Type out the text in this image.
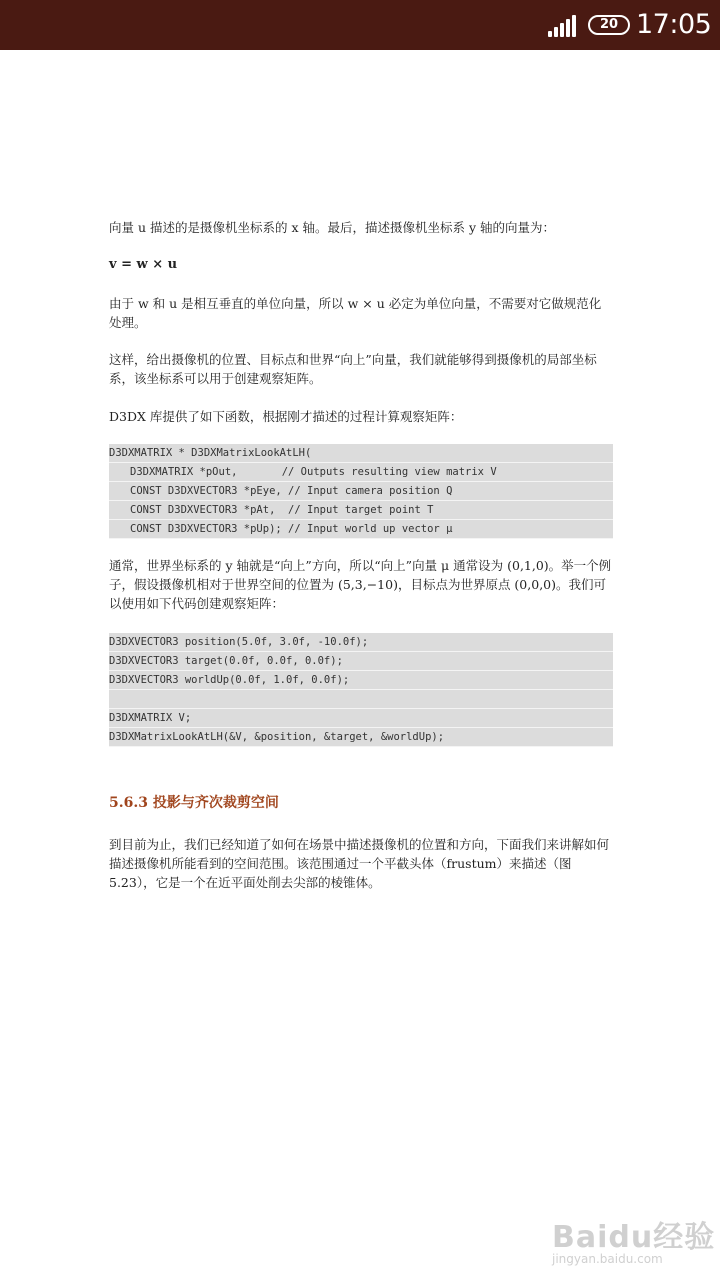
20 17:05
向量 u 描述的是摄像机坐标系的 x 轴。最后，描述摄像机坐标系 y 轴的向量为：
v = w × u
由于 w 和 u 是相互垂直的单位向量，所以 w × u 必定为单位向量，不需要对它做规范化处理。
这样，给出摄像机的位置、目标点和世界“向上”向量，我们就能够得到摄像机的局部坐标系，该坐标系可以用于创建观察矩阵。
D3DX 库提供了如下函数，根据刚才描述的过程计算观察矩阵：
D3DXMATRIX * D3DXMatrixLookAtLH(
D3DXMATRIX *pOut,       // Outputs resulting view matrix V
CONST D3DXVECTOR3 *pEye, // Input camera position Q
CONST D3DXVECTOR3 *pAt,  // Input target point T
CONST D3DXVECTOR3 *pUp); // Input world up vector μ
通常，世界坐标系的 y 轴就是“向上”方向，所以“向上”向量 μ 通常设为 (0,1,0)。举一个例子，假设摄像机相对于世界空间的位置为 (5,3,−10)，目标点为世界原点 (0,0,0)。我们可以使用如下代码创建观察矩阵：
D3DXVECTOR3 position(5.0f, 3.0f, -10.0f);
D3DXVECTOR3 target(0.0f, 0.0f, 0.0f);
D3DXVECTOR3 worldUp(0.0f, 1.0f, 0.0f);
D3DXMATRIX V;
D3DXMatrixLookAtLH(&V, &position, &target, &worldUp);
5.6.3 投影与齐次裁剪空间
到目前为止，我们已经知道了如何在场景中描述摄像机的位置和方向，下面我们来讲解如何描述摄像机所能看到的空间范围。该范围通过一个平截头体（frustum）来描述（图 5.23），它是一个在近平面处削去尖部的棱锥体。
Baidu经验
jingyan.baidu.com
